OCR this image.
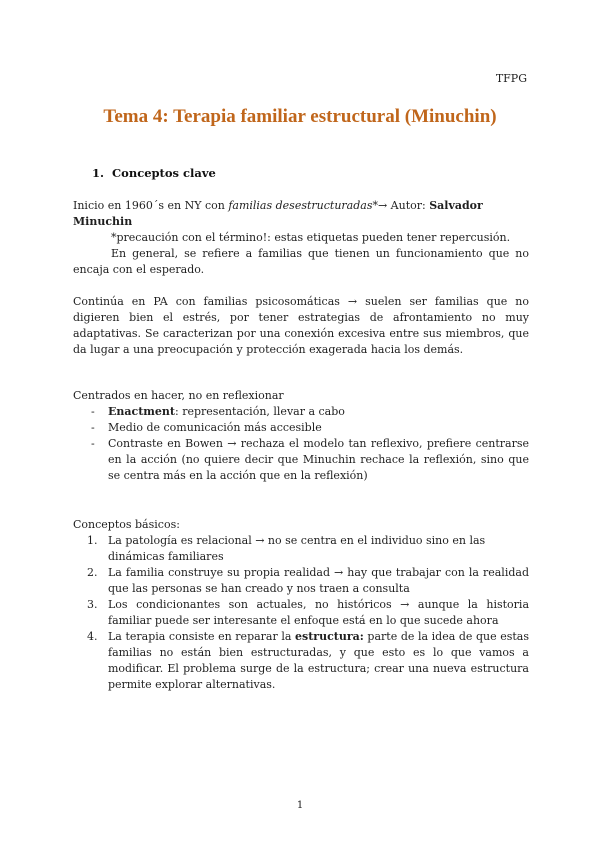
TFPG
Tema 4: Terapia familiar estructural (Minuchin)
1. Conceptos clave
Inicio en 1960´s en NY con familias desestructuradas*→ Autor: Salvador Minuchin
*precaución con el término!: estas etiquetas pueden tener repercusión.
En general, se refiere a familias que tienen un funcionamiento que no encaja con el esperado.
Continúa en PA con familias psicosomáticas → suelen ser familias que no digieren bien el estrés, por tener estrategias de afrontamiento no muy adaptativas. Se caracterizan por una conexión excesiva entre sus miembros, que da lugar a una preocupación y protección exagerada hacia los demás.
Centrados en hacer, no en reflexionar
- Enactment: representación, llevar a cabo
- Medio de comunicación más accesible
- Contraste en Bowen → rechaza el modelo tan reflexivo, prefiere centrarse en la acción (no quiere decir que Minuchin rechace la reflexión, sino que se centra más en la acción que en la reflexión)
Conceptos básicos:
1. La patología es relacional → no se centra en el individuo sino en las dinámicas familiares
2. La familia construye su propia realidad → hay que trabajar con la realidad que las personas se han creado y nos traen a consulta
3. Los condicionantes son actuales, no históricos → aunque la historia familiar puede ser interesante el enfoque está en lo que sucede ahora
4. La terapia consiste en reparar la estructura: parte de la idea de que estas familias no están bien estructuradas, y que esto es lo que vamos a modificar. El problema surge de la estructura; crear una nueva estructura permite explorar alternativas.
1
